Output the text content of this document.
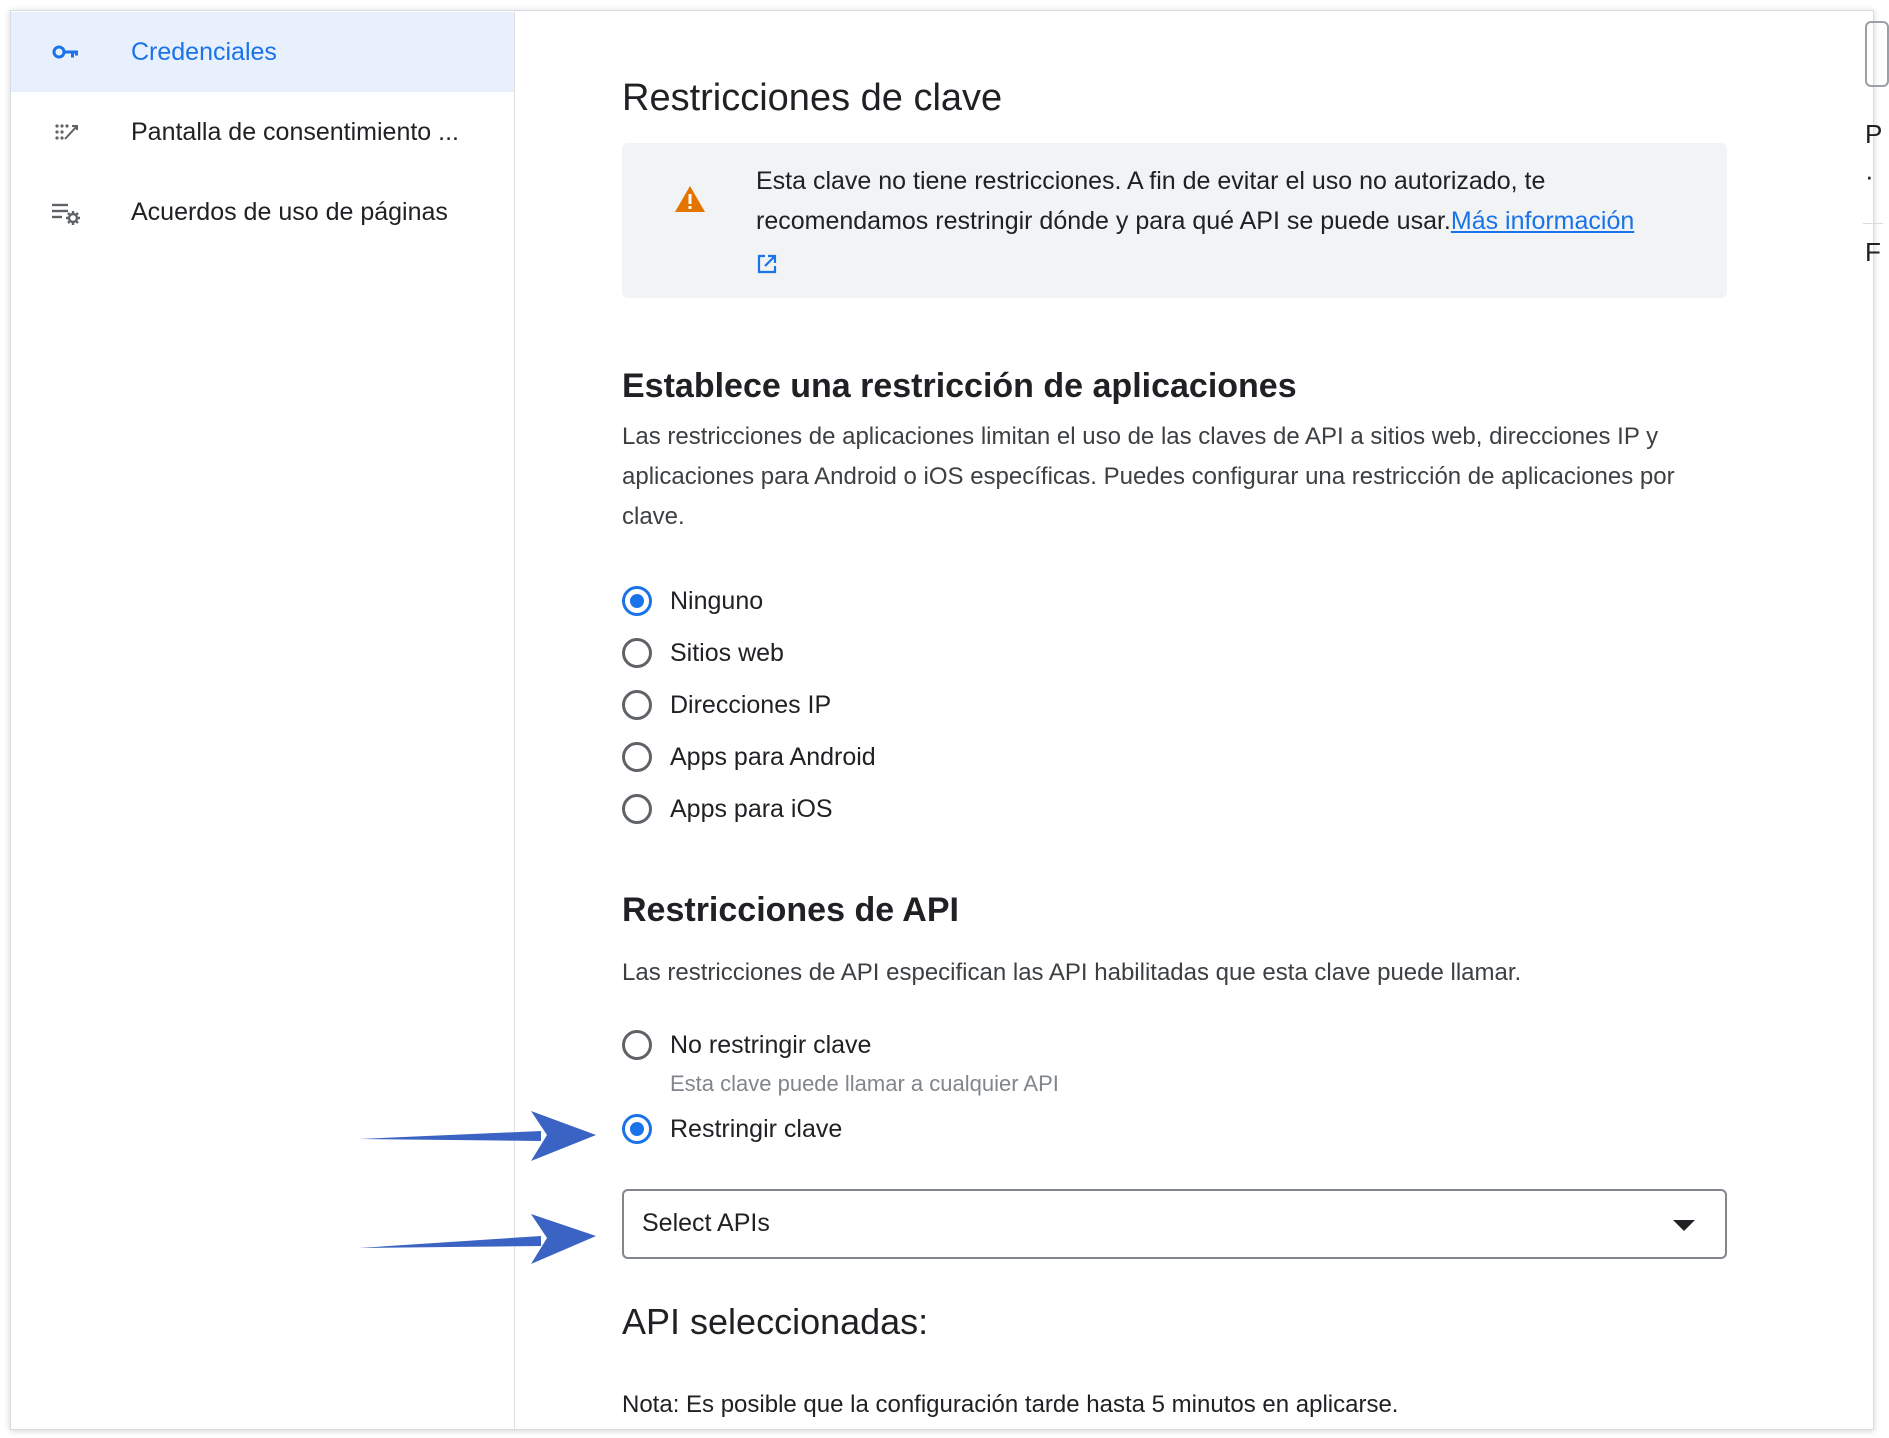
Credenciales
Pantalla de consentimiento ...
Acuerdos de uso de páginas
P
·
F
Restricciones de clave
Esta clave no tiene restricciones. A fin de evitar el uso no autorizado, te recomendamos restringir dónde y para qué API se puede usar.Más información
Establece una restricción de aplicaciones
Las restricciones de aplicaciones limitan el uso de las claves de API a sitios web, direcciones IP y aplicaciones para Android o iOS específicas. Puedes configurar una restricción de aplicaciones por clave.
Ninguno
Sitios web
Direcciones IP
Apps para Android
Apps para iOS
Restricciones de API
Las restricciones de API especifican las API habilitadas que esta clave puede llamar.
No restringir clave
Esta clave puede llamar a cualquier API
Restringir clave
Select APIs
API seleccionadas:
Nota: Es posible que la configuración tarde hasta 5 minutos en aplicarse.
